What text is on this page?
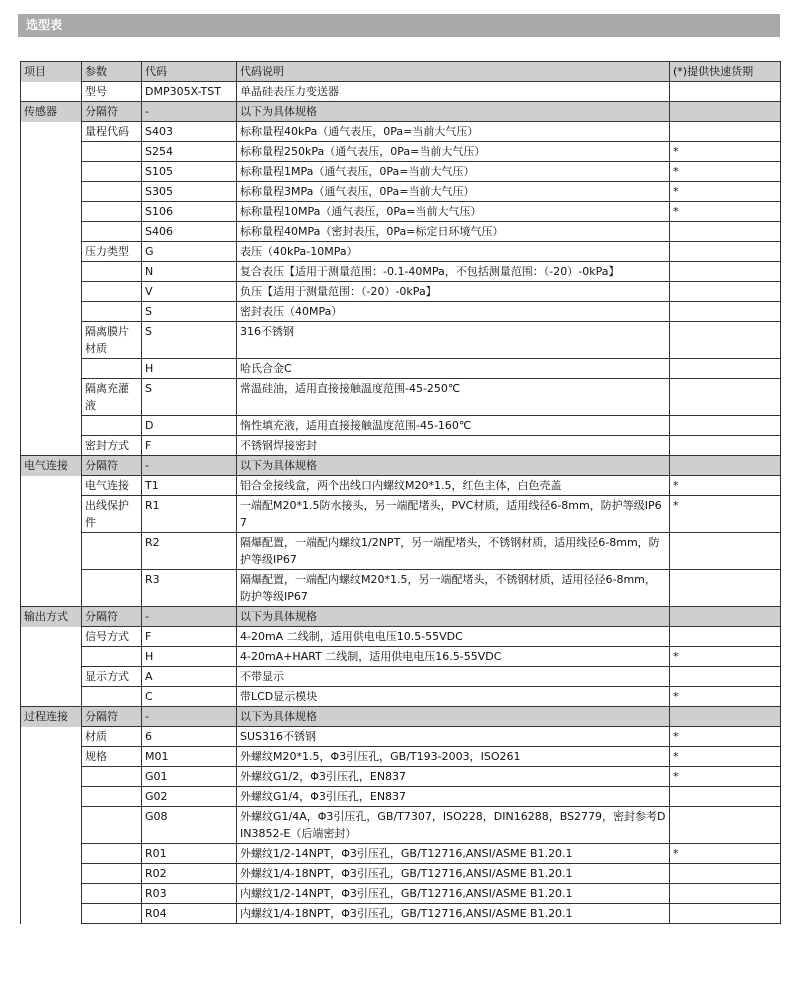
选型表
项目	参数	代码	代码说明	(*)提供快速货期
	型号	DMP305X-TST	单晶硅表压力变送器	
传感器	分隔符	-	以下为具体规格	
	量程代码	S403	标称量程40kPa（通气表压，0Pa=当前大气压）	
		S254	标称量程250kPa（通气表压，0Pa=当前大气压）	*
		S105	标称量程1MPa（通气表压，0Pa=当前大气压）	*
		S305	标称量程3MPa（通气表压，0Pa=当前大气压）	*
		S106	标称量程10MPa（通气表压，0Pa=当前大气压）	*
		S406	标称量程40MPa（密封表压，0Pa=标定日环境气压）	
	压力类型	G	表压（40kPa-10MPa）	
		N	复合表压【适用于测量范围：-0.1-40MPa，不包括测量范围：（-20）-0kPa】	
		V	负压【适用于测量范围：（-20）-0kPa】	
		S	密封表压（40MPa）	
	隔离膜片材质	S	316不锈钢	
		H	哈氏合金C	
	隔离充灌液	S	常温硅油，适用直接接触温度范围-45-250℃	
		D	惰性填充液，适用直接接触温度范围-45-160℃	
	密封方式	F	不锈钢焊接密封	
电气连接	分隔符	-	以下为具体规格	
	电气连接	T1	铝合金接线盒，两个出线口内螺纹M20*1.5，红色主体，白色壳盖	*
	出线保护件	R1	一端配M20*1.5防水接头，另一端配堵头，PVC材质，适用线径6-8mm，防护等级IP67	*
		R2	隔爆配置，一端配内螺纹1/2NPT，另一端配堵头，不锈钢材质，适用线径6-8mm，防护等级IP67	
		R3	隔爆配置，一端配内螺纹M20*1.5，另一端配堵头，不锈钢材质，适用径径6-8mm，防护等级IP67	
输出方式	分隔符	-	以下为具体规格	
	信号方式	F	4-20mA 二线制，适用供电电压10.5-55VDC	
		H	4-20mA+HART 二线制，适用供电电压16.5-55VDC	*
	显示方式	A	不带显示	
		C	带LCD显示模块	*
过程连接	分隔符	-	以下为具体规格	
	材质	6	SUS316不锈钢	*
	规格	M01	外螺纹M20*1.5，Φ3引压孔，GB/T193-2003，ISO261	*
		G01	外螺纹G1/2，Φ3引压孔，EN837	*
		G02	外螺纹G1/4，Φ3引压孔，EN837	
		G08	外螺纹G1/4A，Φ3引压孔，GB/T7307，ISO228，DIN16288，BS2779，密封参考DIN3852-E（后端密封）	
		R01	外螺纹1/2-14NPT，Φ3引压孔，GB/T12716,ANSI/ASME B1.20.1	*
		R02	外螺纹1/4-18NPT，Φ3引压孔，GB/T12716,ANSI/ASME B1.20.1	
		R03	内螺纹1/2-14NPT，Φ3引压孔，GB/T12716,ANSI/ASME B1.20.1	
		R04	内螺纹1/4-18NPT，Φ3引压孔，GB/T12716,ANSI/ASME B1.20.1	
